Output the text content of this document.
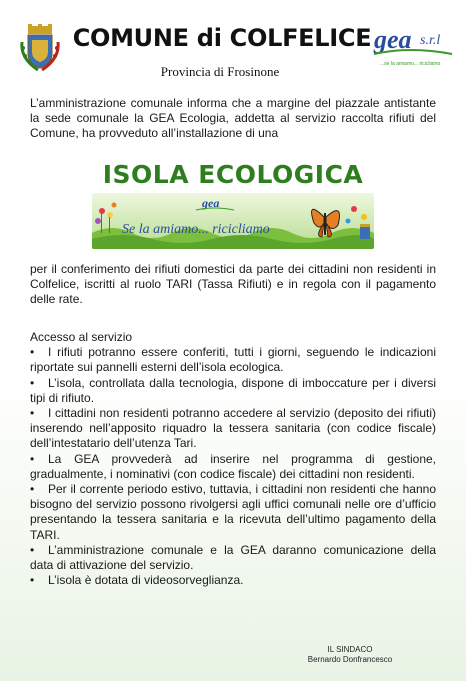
COMUNE di COLFELICE
Provincia di Frosinone
gea s.r.l
...se la amiamo... ricicliamo
L’amministrazione comunale informa che a margine del piazzale antistante la sede comunale la GEA Ecologia, addetta al servizio raccolta rifiuti del Comune, ha provveduto all’installazione di una
ISOLA ECOLOGICA
gea
Se la amiamo... ricicliamo
per il conferimento dei rifiuti domestici da parte dei cittadini non residenti in Colfelice, iscritti al ruolo TARI (Tassa Rifiuti) e in regola con il pagamento delle rate.

Accesso al servizio

• I rifiuti potranno essere conferiti, tutti i giorni, seguendo le indicazioni riportate sui pannelli esterni dell’isola ecologica.
• L’isola, controllata dalla tecnologia, dispone di imboccature per i diversi tipi di rifiuto.
• I cittadini non residenti potranno accedere al servizio (deposito dei rifiuti) inserendo nell’apposito riquadro la tessera sanitaria (con codice fiscale) dell’intestatario dell’utenza Tari.
• La GEA provvederà ad inserire nel programma di gestione, gradualmente, i nominativi (con codice fiscale) dei cittadini non residenti.
• Per il corrente periodo estivo, tuttavia, i cittadini non residenti che hanno bisogno del servizio possono rivolgersi agli uffici comunali nelle ore d’ufficio presentando la tessera sanitaria e la ricevuta dell’ultimo pagamento della TARI.
• L’amministrazione comunale e la GEA daranno comunicazione della data di attivazione del servizio.
• L’isola è dotata di videosorveglianza.
IL SINDACO
Bernardo Donfrancesco
